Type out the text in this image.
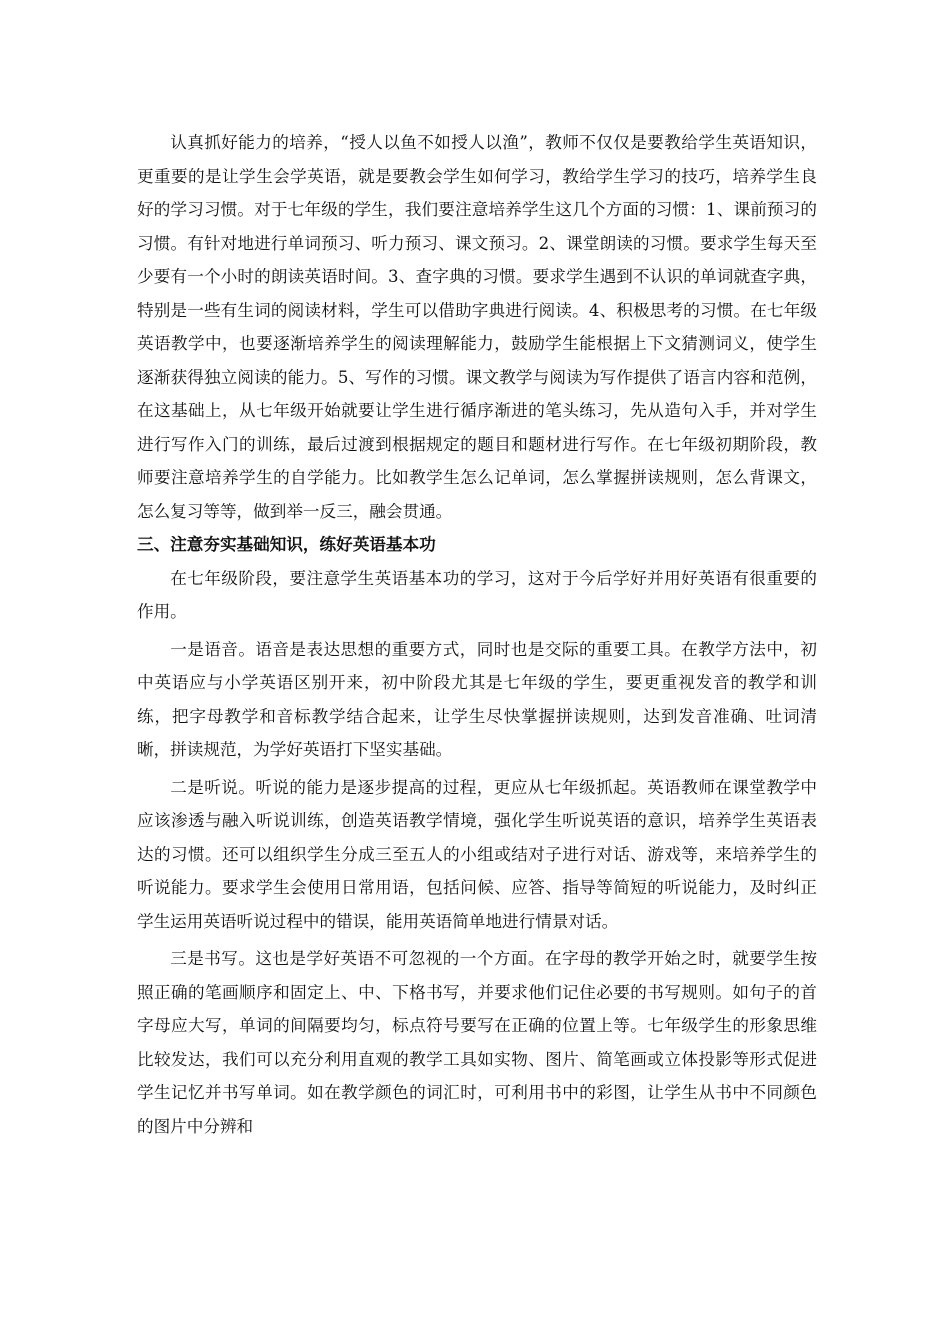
认真抓好能力的培养，“授人以鱼不如授人以渔”，教师不仅仅是要教给学生英语知识，更重要的是让学生会学英语，就是要教会学生如何学习，教给学生学习的技巧，培养学生良好的学习习惯。对于七年级的学生，我们要注意培养学生这几个方面的习惯：1、课前预习的习惯。有针对地进行单词预习、听力预习、课文预习。2、课堂朗读的习惯。要求学生每天至少要有一个小时的朗读英语时间。3、查字典的习惯。要求学生遇到不认识的单词就查字典，特别是一些有生词的阅读材料，学生可以借助字典进行阅读。4、积极思考的习惯。在七年级英语教学中，也要逐渐培养学生的阅读理解能力，鼓励学生能根据上下文猜测词义，使学生逐渐获得独立阅读的能力。5、写作的习惯。课文教学与阅读为写作提供了语言内容和范例，在这基础上，从七年级开始就要让学生进行循序渐进的笔头练习，先从造句入手，并对学生进行写作入门的训练，最后过渡到根据规定的题目和题材进行写作。在七年级初期阶段，教师要注意培养学生的自学能力。比如教学生怎么记单词，怎么掌握拼读规则，怎么背课文，怎么复习等等，做到举一反三，融会贯通。

三、注意夯实基础知识，练好英语基本功

在七年级阶段，要注意学生英语基本功的学习，这对于今后学好并用好英语有很重要的作用。

一是语音。语音是表达思想的重要方式，同时也是交际的重要工具。在教学方法中，初中英语应与小学英语区别开来，初中阶段尤其是七年级的学生，要更重视发音的教学和训练，把字母教学和音标教学结合起来，让学生尽快掌握拼读规则，达到发音准确、吐词清晰，拼读规范，为学好英语打下坚实基础。

二是听说。听说的能力是逐步提高的过程，更应从七年级抓起。英语教师在课堂教学中应该渗透与融入听说训练，创造英语教学情境，强化学生听说英语的意识，培养学生英语表达的习惯。还可以组织学生分成三至五人的小组或结对子进行对话、游戏等，来培养学生的听说能力。要求学生会使用日常用语，包括问候、应答、指导等简短的听说能力，及时纠正学生运用英语听说过程中的错误，能用英语简单地进行情景对话。

三是书写。这也是学好英语不可忽视的一个方面。在字母的教学开始之时，就要学生按照正确的笔画顺序和固定上、中、下格书写，并要求他们记住必要的书写规则。如句子的首字母应大写，单词的间隔要均匀，标点符号要写在正确的位置上等。七年级学生的形象思维比较发达，我们可以充分利用直观的教学工具如实物、图片、简笔画或立体投影等形式促进学生记忆并书写单词。如在教学颜色的词汇时，可利用书中的彩图，让学生从书中不同颜色的图片中分辨和
